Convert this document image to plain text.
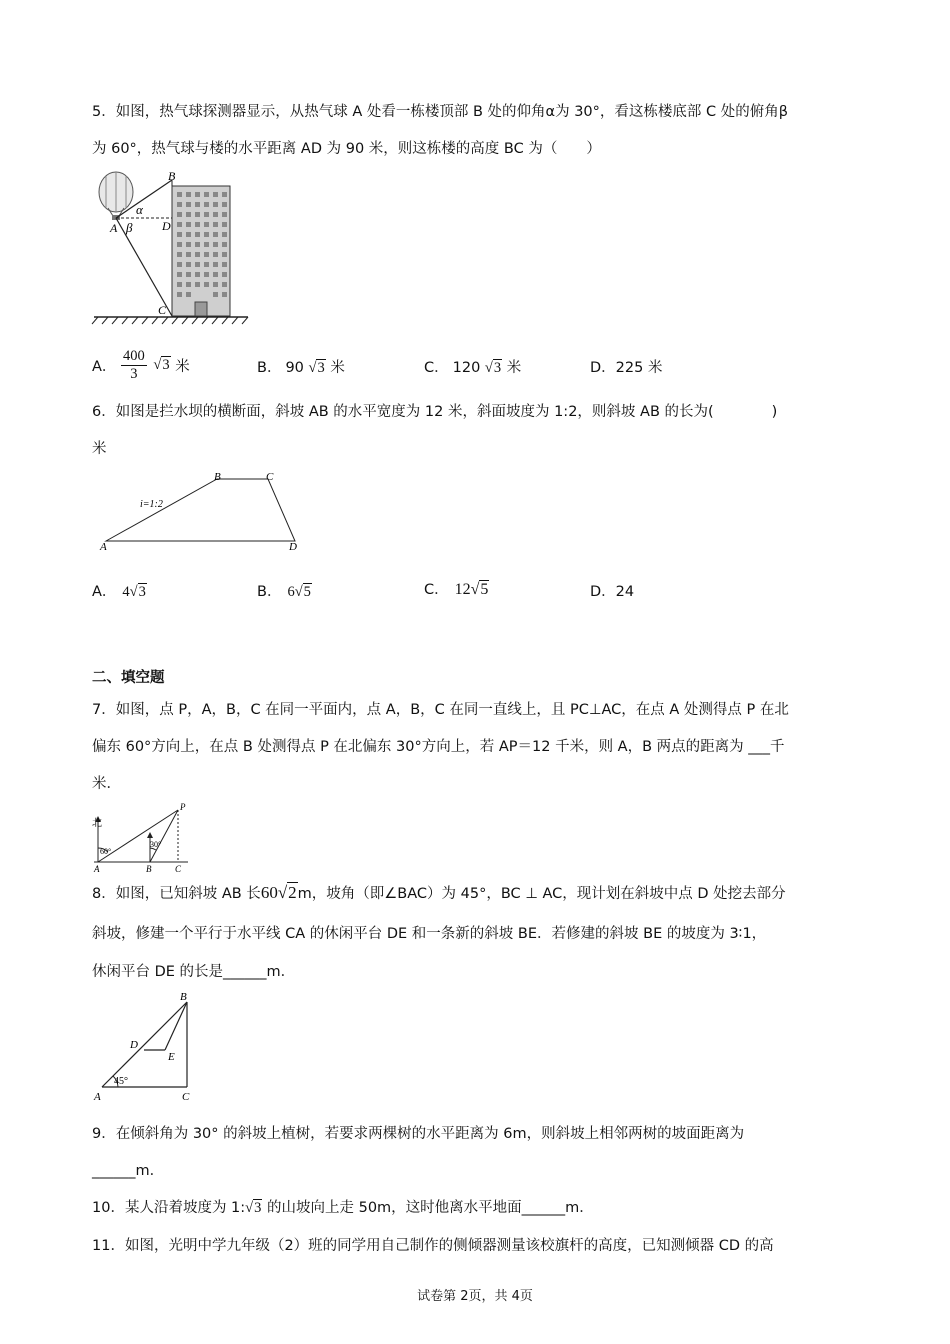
5．如图，热气球探测器显示，从热气球 A 处看一栋楼顶部 B 处的仰角α为 30°，看这栋楼底部 C 处的俯角β
为 60°，热气球与楼的水平距离 AD 为 90 米，则这栋楼的高度 BC 为（　　）
B
α
A β D
C
A． $\frac{400}{3} √3$ 米	B． 90 √3 米	C． 120 √3 米	D．225 米
6．如图是拦水坝的横断面，斜坡 AB 的水平宽度为 12 米，斜面坡度为 1:2，则斜坡 AB 的长为(　　　　)
米
B	C
A	D
i=1:2
A． 4√3	B． 6√5	C． 12√5	D．24
二、填空题
7．如图，点 P，A，B，C 在同一平面内，点 A，B，C 在同一直线上，且 PC⊥AC，在点 A 处测得点 P 在北
偏东 60°方向上，在点 B 处测得点 P 在北偏东 30°方向上，若 AP＝12 千米，则 A，B 两点的距离为 ___千
米．
北
60°
30°
A	B	C
P
8．如图，已知斜坡 AB 长60√2m，坡角（即∠BAC）为 45°，BC ⊥ AC，现计划在斜坡中点 D 处挖去部分
斜坡，修建一个平行于水平线 CA 的休闲平台 DE 和一条新的斜坡 BE．若修建的斜坡 BE 的坡度为 3∶1，
休闲平台 DE 的长是______m．
B
D
E
A	C
45°
9．在倾斜角为 30° 的斜坡上植树，若要求两棵树的水平距离为 6m，则斜坡上相邻两树的坡面距离为
______m．
10．某人沿着坡度为 1:√3 的山坡向上走 50m，这时他离水平地面______m．
11．如图，光明中学九年级（2）班的同学用自己制作的侧倾器测量该校旗杆的高度，已知测倾器 CD 的高
试卷第 2页，共 4页
